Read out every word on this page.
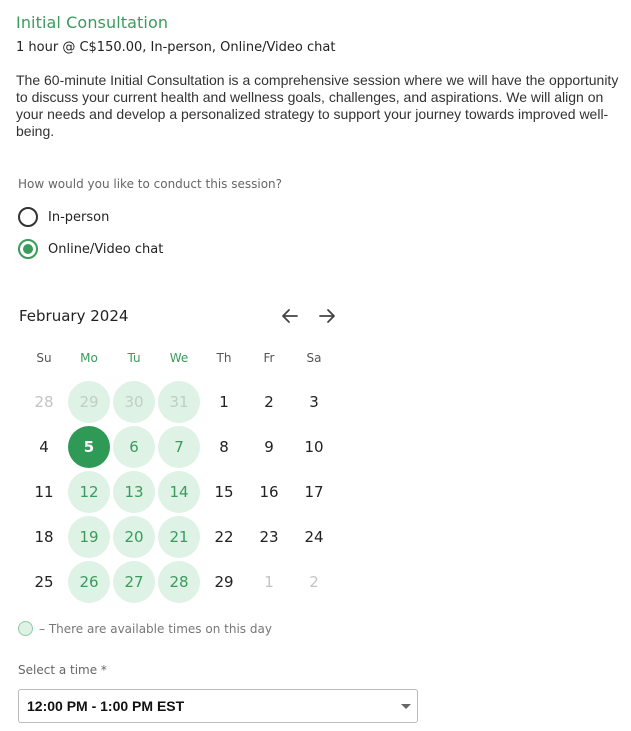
Initial Consultation
1 hour @ C$150.00, In-person, Online/Video chat
The 60-minute Initial Consultation is a comprehensive session where we will have the opportunity to discuss your current health and wellness goals, challenges, and aspirations. We will align on your needs and develop a personalized strategy to support your journey towards improved well-being.
How would you like to conduct this session?
In-person
Online/Video chat
February 2024
Su	Mo	Tu	We	Th	Fr	Sa
28	29	30	31	1	2	3
4	5	6	7	8	9	10
11	12	13	14	15	16	17
18	19	20	21	22	23	24
25	26	27	28	29	1	2
– There are available times on this day
Select a time *
12:00 PM - 1:00 PM EST
